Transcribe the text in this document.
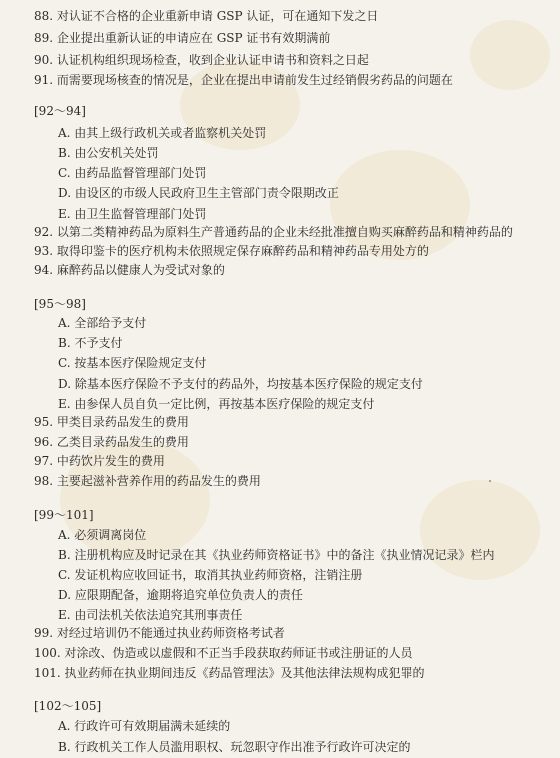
88. 对认证不合格的企业重新申请 GSP 认证，可在通知下发之日
89. 企业提出重新认证的申请应在 GSP 证书有效期满前
90. 认证机构组织现场检查，收到企业认证申请书和资料之日起
91. 而需要现场核查的情况是，企业在提出申请前发生过经销假劣药品的问题在
[92～94]
A. 由其上级行政机关或者监察机关处罚
B. 由公安机关处罚
C. 由药品监督管理部门处罚
D. 由设区的市级人民政府卫生主管部门责令限期改正
E. 由卫生监督管理部门处罚
92. 以第二类精神药品为原料生产普通药品的企业未经批准擅自购买麻醉药品和精神药品的
93. 取得印鉴卡的医疗机构未依照规定保存麻醉药品和精神药品专用处方的
94. 麻醉药品以健康人为受试对象的
[95～98]
A. 全部给予支付
B. 不予支付
C. 按基本医疗保险规定支付
D. 除基本医疗保险不予支付的药品外，均按基本医疗保险的规定支付
E. 由参保人员自负一定比例，再按基本医疗保险的规定支付
95. 甲类目录药品发生的费用
96. 乙类目录药品发生的费用
97. 中药饮片发生的费用
98. 主要起滋补营养作用的药品发生的费用
[99～101]
A. 必须调离岗位
B. 注册机构应及时记录在其《执业药师资格证书》中的备注《执业情况记录》栏内
C. 发证机构应收回证书，取消其执业药师资格，注销注册
D. 应限期配备，逾期将追究单位负责人的责任
E. 由司法机关依法追究其刑事责任
99. 对经过培训仍不能通过执业药师资格考试者
100. 对涂改、伪造或以虚假和不正当手段获取药师证书或注册证的人员
101. 执业药师在执业期间违反《药品管理法》及其他法律法规构成犯罪的
[102～105]
A. 行政许可有效期届满未延续的
B. 行政机关工作人员滥用职权、玩忽职守作出准予行政许可决定的
